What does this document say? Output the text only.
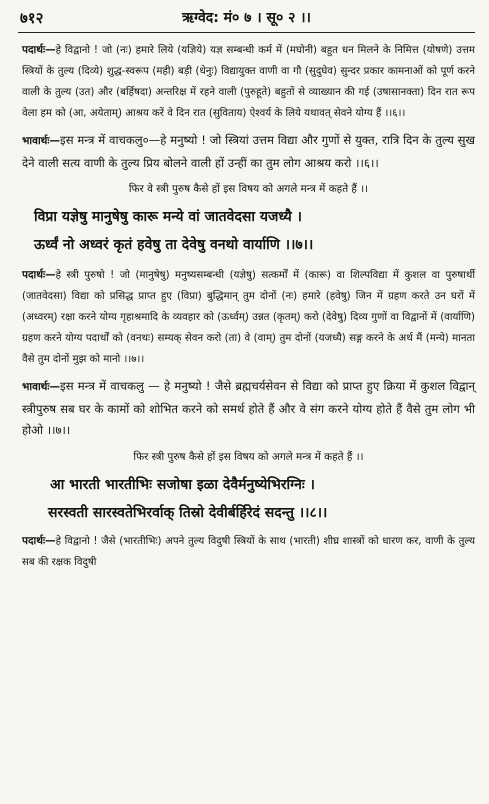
७१२	ऋग्वेद: मं० ७ । सू० २ ।।

पदार्थः—हे विद्वानो ! जो (नः) हमारे लिये (यज्ञिये) यज्ञ सम्बन्धी कर्म में (मघोनी) बहुत धन मिलने के निमित्त (योषणे) उत्तम स्त्रियों के तुल्य (दिव्ये) शुद्ध-स्वरूप (मही) बड़ी (धेनुः) विद्यायुक्त वाणी वा गौ (सुदुघेव) सुन्दर प्रकार कामनाओं को पूर्ण करने वाली के तुल्य (उत) और (बर्हिषदा) अन्तरिक्ष में रहने वाली (पुरुहूते) बहुतों से व्याख्यान की गई (उषासानक्ता) दिन रात रूप वेला हम को (आ, अयेताम्) आश्रय करें वे दिन रात (सुविताय) ऐश्वर्य के लिये यथावत् सेवने योग्य हैं ।।६।।

भावार्थः—इस मन्त्र में वाचकलु०—हे मनुष्यो ! जो स्त्रियां उत्तम विद्या और गुणों से युक्त, रात्रि दिन के तुल्य सुख देने वाली सत्य वाणी के तुल्य प्रिय बोलने वाली हों उन्हीं का तुम लोग आश्रय करो ।।६।।

फिर वे स्त्री पुरुष कैसे हों इस विषय को अगले मन्त्र में कहते हैं ।।

विप्रा यज्ञेषु मानुषेषु कारू मन्ये वां जातवेदसा यजध्यै ।

ऊर्ध्वं नो अध्वरं कृतं हवेषु ता देवेषु वनथो वार्याणि ।।७।।

पदार्थः—हे स्त्री पुरुषो ! जो (मानुषेषु) मनुष्यसम्बन्धी (यज्ञेषु) सत्कर्मों में (कारू) वा शिल्पविद्या में कुशल वा पुरुषार्थी (जातवेदसा) विद्या को प्रसिद्ध प्राप्त हुए (विप्रा) बुद्धिमान् तुम दोनों (नः) हमारे (हवेषु) जिन में ग्रहण करते उन घरों में (अध्वरम्) रक्षा करने योग्य गृहाश्रमादि के व्यवहार को (ऊर्ध्वम्) उन्नत (कृतम्) करो (देवेषु) दिव्य गुणों वा विद्वानों में (वार्याणि) ग्रहण करने योग्य पदार्थों को (वनथः) सम्यक् सेवन करो (ता) वे (वाम्) तुम दोनों (यजध्यै) सङ्ग करने के अर्थ मैं (मन्ये) मानता वैसे तुम दोनों मुझ को मानो ।।७।।

भावार्थः—इस मन्त्र में वाचकलु — हे मनुष्यो ! जैसे ब्रह्मचर्यसेवन से विद्या को प्राप्त हुए क्रिया में कुशल विद्वान् स्त्रीपुरुष सब घर के कामों को शोभित करने को समर्थ होते हैं और वे संग करने योग्य होते हैं वैसे तुम लोग भी होओ ।।७।।

फिर स्त्री पुरुष कैसे हों इस विषय को अगले मन्त्र में कहते हैं ।।

आ भारती भारतीभिः सजोषा इळा देवैर्मनुष्येभिरग्निः ।

सरस्वती सारस्वतेभिरर्वाक् तिस्रो देवीर्बर्हिरेदं सदन्तु ।।८।।

पदार्थः—हे विद्वानो ! जैसे (भारतीभिः) अपने तुल्य विदुषी स्त्रियों के साथ (भारती) शीघ्र शास्त्रों को धारण कर, वाणी के तुल्य सब की रक्षक विदुषी
